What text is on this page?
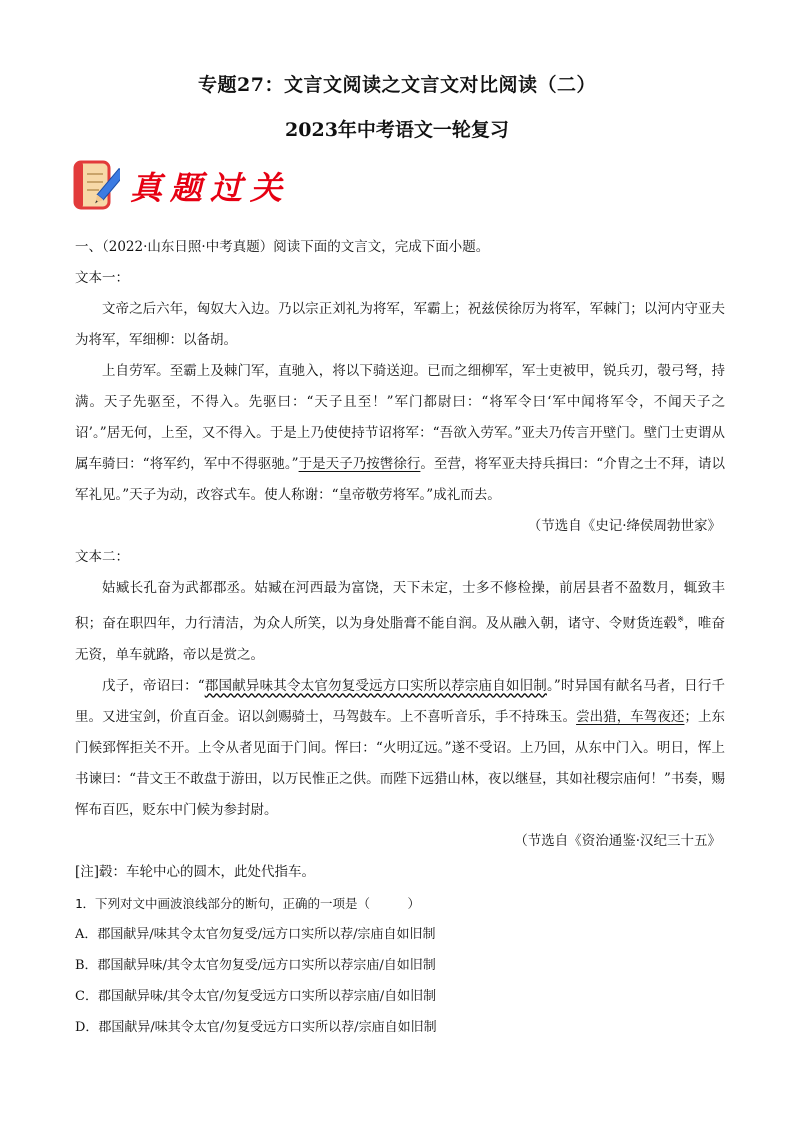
专题27：文言文阅读之文言文对比阅读（二）
2023年中考语文一轮复习
真题过关

一、（2022·山东日照·中考真题）阅读下面的文言文，完成下面小题。

文本一：

文帝之后六年，匈奴大入边。乃以宗正刘礼为将军，军霸上；祝兹侯徐厉为将军，军棘门；以河内守亚夫为将军，军细柳：以备胡。

上自劳军。至霸上及棘门军，直驰入，将以下骑送迎。已而之细柳军，军士吏被甲，锐兵刃，彀弓弩，持满。天子先驱至，不得入。先驱曰：“天子且至！”军门都尉曰：“将军令曰‘军中闻将军令，不闻天子之诏’。”居无何，上至，又不得入。于是上乃使使持节诏将军：“吾欲入劳军。”亚夫乃传言开壁门。壁门士吏谓从属车骑曰：“将军约，军中不得驱驰。”于是天子乃按辔徐行。至营，将军亚夫持兵揖曰：“介胄之士不拜，请以军礼见。”天子为动，改容式车。使人称谢：“皇帝敬劳将军。”成礼而去。

（节选自《史记·绛侯周勃世家》

文本二：

姑臧长孔奋为武都郡丞。姑臧在河西最为富饶，天下未定，士多不修检操，前居县者不盈数月，辄致丰积；奋在职四年，力行清洁，为众人所笑，以为身处脂膏不能自润。及从融入朝，诸守、令财货连毂※，唯奋无资，单车就路，帝以是赏之。

戊子，帝诏曰：“郡国献异味其令太官勿复受远方口实所以荐宗庙自如旧制。”时异国有献名马者，日行千里。又进宝剑，价直百金。诏以剑赐骑士，马驾鼓车。上不喜听音乐，手不持珠玉。尝出猎，车驾夜还；上东门候郅恽拒关不开。上令从者见面于门间。恽曰：“火明辽远。”遂不受诏。上乃回，从东中门入。明日，恽上书谏曰：“昔文王不敢盘于游田，以万民惟正之供。而陛下远猎山林，夜以继昼，其如社稷宗庙何！”书奏，赐恽布百匹，贬东中门候为参封尉。

（节选自《资治通鉴·汉纪三十五》

[注]毂：车轮中心的圆木，此处代指车。

1．下列对文中画波浪线部分的断句，正确的一项是（　　　）

A．郡国献异/味其令太官勿复受/远方口实所以荐/宗庙自如旧制

B．郡国献异味/其令太官勿复受/远方口实所以荐宗庙/自如旧制

C．郡国献异味/其令太官/勿复受远方口实所以荐宗庙/自如旧制

D．郡国献异/味其令太官/勿复受远方口实所以荐/宗庙自如旧制
